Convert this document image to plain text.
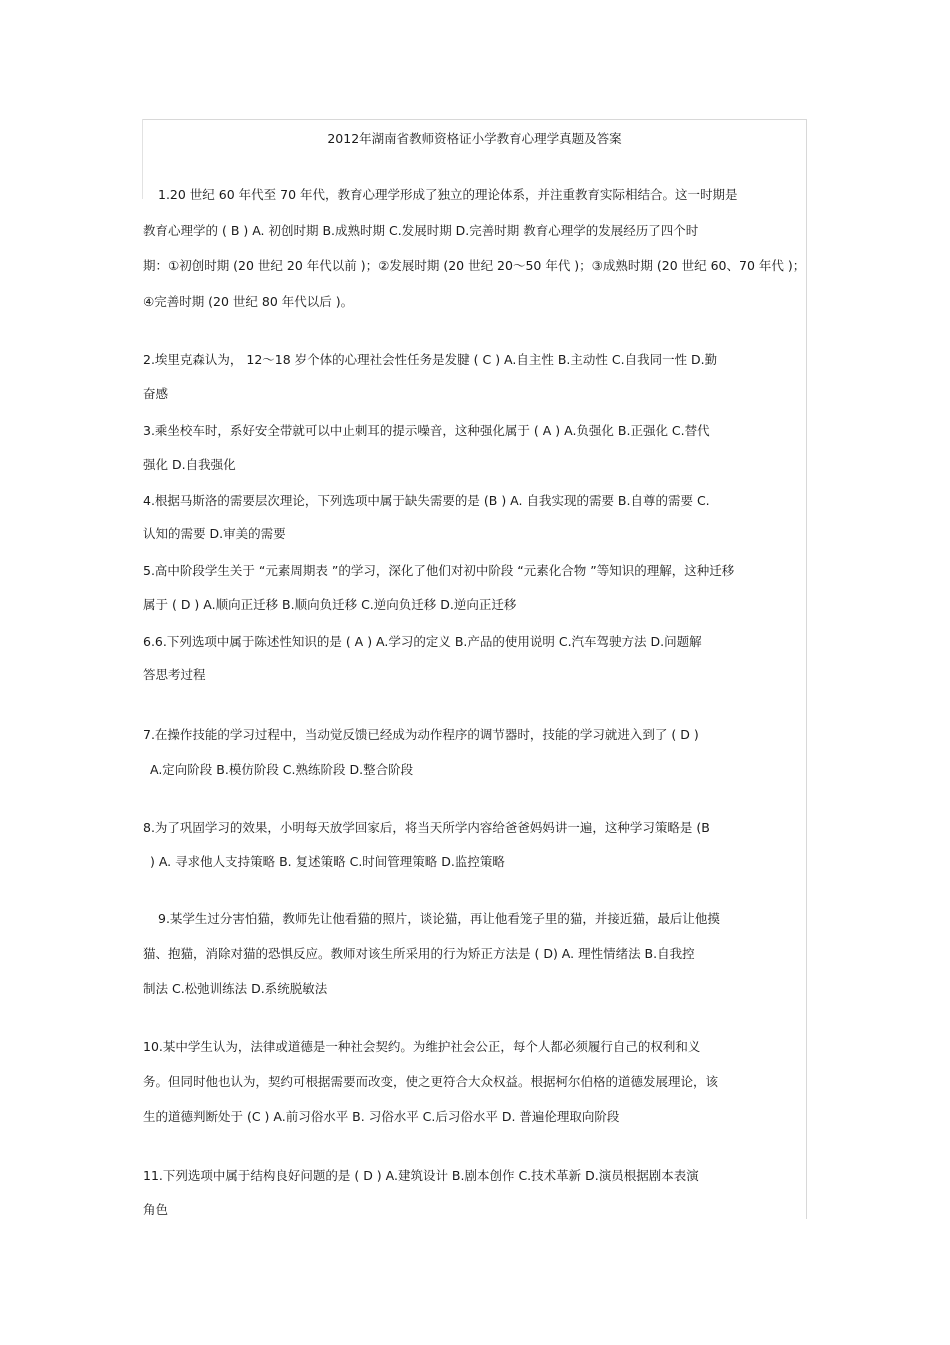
2012年湖南省教师资格证小学教育心理学真题及答案
1.20 世纪 60 年代至 70 年代，教育心理学形成了独立的理论体系，并注重教育实际相结合。这一时期是
教育心理学的 ( B ) A. 初创时期 B.成熟时期 C.发展时期 D.完善时期 教育心理学的发展经历了四个时
期：①初创时期 (20 世纪 20 年代以前 )；②发展时期 (20 世纪 20～50 年代 )；③成熟时期 (20 世纪 60、70 年代 )；
④完善时期 (20 世纪 80 年代以后 )。
2.埃里克森认为， 12～18 岁个体的心理社会性任务是发腱 ( C ) A.自主性 B.主动性 C.自我同一性 D.勤
奋感
3.乘坐校车时，系好安全带就可以中止刺耳的提示噪音，这种强化属于 ( A ) A.负强化 B.正强化 C.替代
强化 D.自我强化
4.根据马斯洛的需要层次理论，下列选项中属于缺失需要的是 (B ) A. 自我实现的需要 B.自尊的需要 C.
认知的需要 D.审美的需要
5.高中阶段学生关于 “元素周期表 ”的学习，深化了他们对初中阶段 “元素化合物 ”等知识的理解，这种迁移
属于 ( D ) A.顺向正迁移 B.顺向负迁移 C.逆向负迁移 D.逆向正迁移
6.6.下列选项中属于陈述性知识的是 ( A ) A.学习的定义 B.产品的使用说明 C.汽车驾驶方法 D.问题解
答思考过程
7.在操作技能的学习过程中，当动觉反馈已经成为动作程序的调节器时，技能的学习就进入到了 ( D )
A.定向阶段 B.模仿阶段 C.熟练阶段 D.整合阶段
8.为了巩固学习的效果，小明每天放学回家后，将当天所学内容给爸爸妈妈讲一遍，这种学习策略是 (B
) A. 寻求他人支持策略 B. 复述策略 C.时间管理策略 D.监控策略
9.某学生过分害怕猫，教师先让他看猫的照片，谈论猫，再让他看笼子里的猫，并接近猫，最后让他摸
猫、抱猫，消除对猫的恐惧反应。教师对该生所采用的行为矫正方法是 ( D) A. 理性情绪法 B.自我控
制法 C.松弛训练法 D.系统脱敏法
10.某中学生认为，法律或道德是一种社会契约。为维护社会公正，每个人都必须履行自己的权利和义
务。但同时他也认为，契约可根据需要而改变，使之更符合大众权益。根据柯尔伯格的道德发展理论，该
生的道德判断处于 (C ) A.前习俗水平 B. 习俗水平 C.后习俗水平 D. 普遍伦理取向阶段
11.下列选项中属于结构良好问题的是 ( D ) A.建筑设计 B.剧本创作 C.技术革新 D.演员根据剧本表演
角色
